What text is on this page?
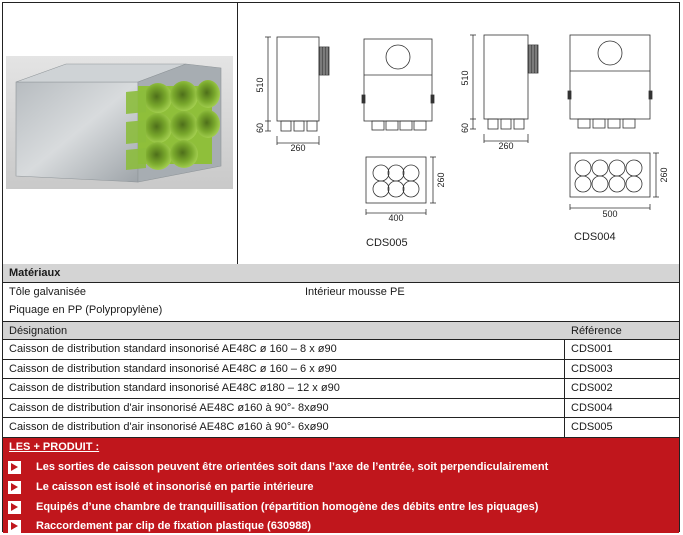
510
60
260
400
260
510
60
260
500
260
CDS005	CDS004
Matériaux
Tôle galvanisée	Intérieur mousse PE
Piquage en PP (Polypropylène)
Désignation	Référence
Caisson de distribution standard insonorisé AE48C ø 160 – 8 x ø90	CDS001
Caisson de distribution standard insonorisé AE48C ø 160 – 6 x ø90	CDS003
Caisson de distribution standard insonorisé AE48C ø180 – 12 x ø90	CDS002
Caisson de distribution d'air insonorisé AE48C ø160 à 90°- 8xø90	CDS004
Caisson de distribution d'air insonorisé AE48C ø160 à 90°- 6xø90	CDS005
LES + PRODUIT :
Les sorties de caisson peuvent être orientées soit dans l’axe de l’entrée, soit perpendiculairement
Le caisson est isolé et insonorisé en partie intérieure
Equipés d’une chambre de tranquillisation (répartition homogène des débits entre les piquages)
Raccordement par clip de fixation plastique (630988)
